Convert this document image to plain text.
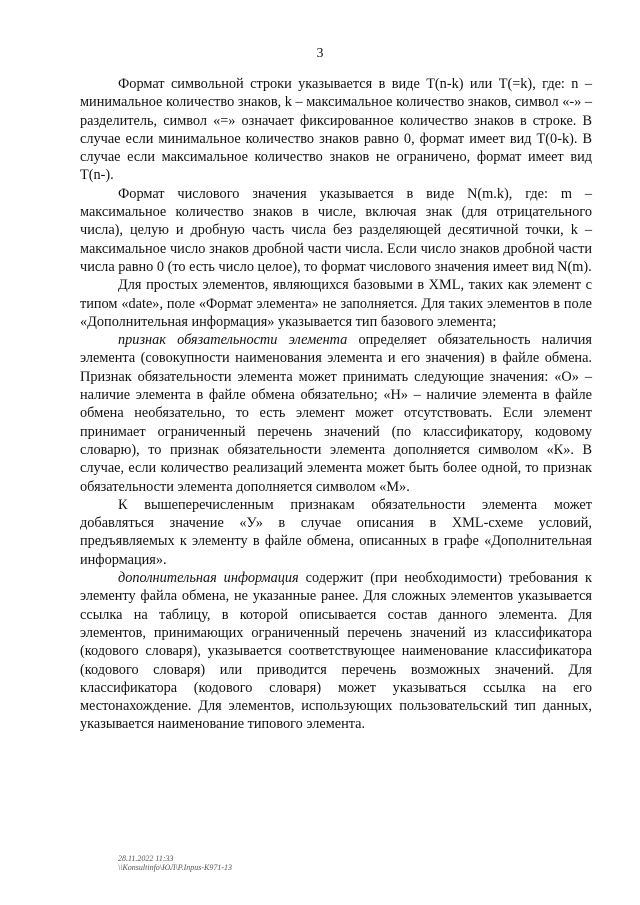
3

Формат символьной строки указывается в виде T(n-k) или T(=k), где: n – минимальное количество знаков, k – максимальное количество знаков, символ «-» – разделитель, символ «=» означает фиксированное количество знаков в строке. В случае если минимальное количество знаков равно 0, формат имеет вид T(0-k). В случае если максимальное количество знаков не ограничено, формат имеет вид T(n-).

Формат числового значения указывается в виде N(m.k), где: m – максимальное количество знаков в числе, включая знак (для отрицательного числа), целую и дробную часть числа без разделяющей десятичной точки, k – максимальное число знаков дробной части числа. Если число знаков дробной части числа равно 0 (то есть число целое), то формат числового значения имеет вид N(m).

Для простых элементов, являющихся базовыми в XML, таких как элемент с типом «date», поле «Формат элемента» не заполняется. Для таких элементов в поле «Дополнительная информация» указывается тип базового элемента;

признак обязательности элемента определяет обязательность наличия элемента (совокупности наименования элемента и его значения) в файле обмена. Признак обязательности элемента может принимать следующие значения: «О» – наличие элемента в файле обмена обязательно; «Н» – наличие элемента в файле обмена необязательно, то есть элемент может отсутствовать. Если элемент принимает ограниченный перечень значений (по классификатору, кодовому словарю), то признак обязательности элемента дополняется символом «К». В случае, если количество реализаций элемента может быть более одной, то признак обязательности элемента дополняется символом «М».

К вышеперечисленным признакам обязательности элемента может добавляться значение «У» в случае описания в XML-схеме условий, предъявляемых к элементу в файле обмена, описанных в графе «Дополнительная информация».

дополнительная информация содержит (при необходимости) требования к элементу файла обмена, не указанные ранее. Для сложных элементов указывается ссылка на таблицу, в которой описывается состав данного элемента. Для элементов, принимающих ограниченный перечень значений из классификатора (кодового словаря), указывается соответствующее наименование классификатора (кодового словаря) или приводится перечень возможных значений. Для классификатора (кодового словаря) может указываться ссылка на его местонахождение. Для элементов, использующих пользовательский тип данных, указывается наименование типового элемента.

28.11.2022 11:33
\\Konsultinfo\ЮЛ\P.Inpus-K971-13
